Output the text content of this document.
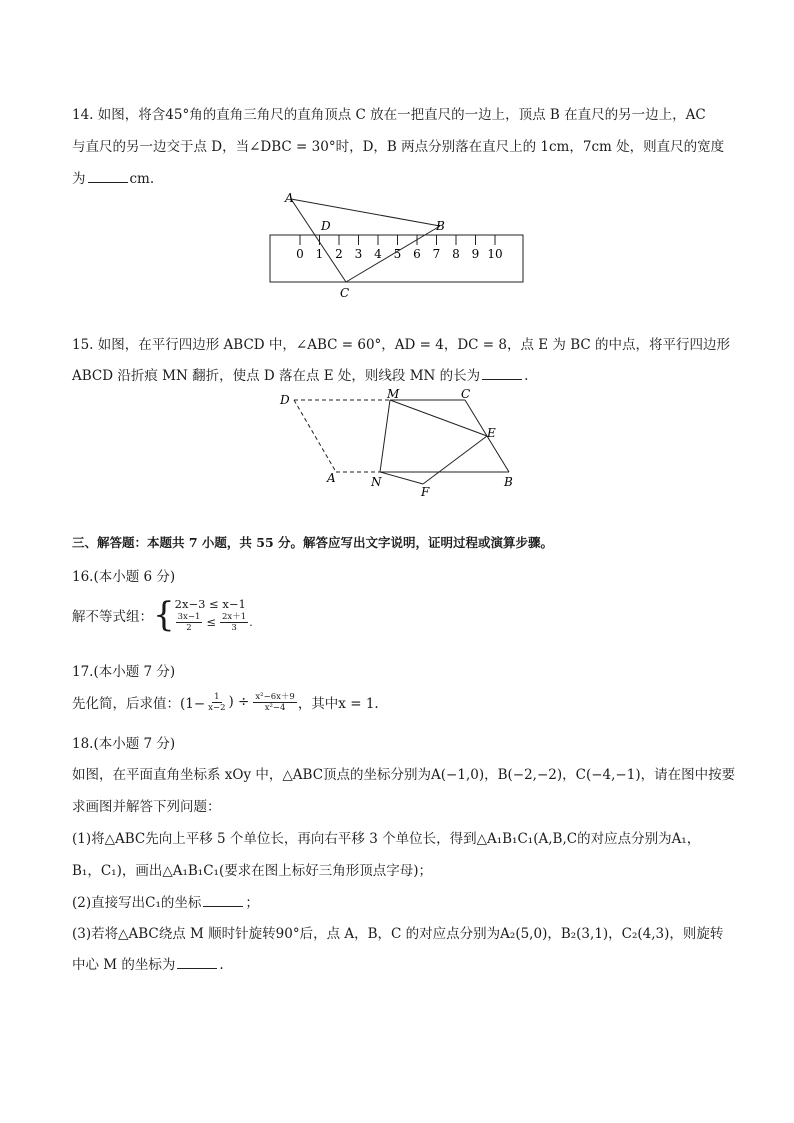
14. 如图，将含45°角的直角三角尺的直角顶点 C 放在一把直尺的一边上，顶点 B 在直尺的另一边上，AC
与直尺的另一边交于点 D，当∠DBC = 30°时，D，B 两点分别落在直尺上的 1cm，7cm 处，则直尺的宽度
为	cm.
0 1 2 3 4 5 6 7 8 9 10
A
D	B
C
15. 如图，在平行四边形 ABCD 中，∠ABC = 60°，AD = 4，DC = 8，点 E 为 BC 的中点，将平行四边形
ABCD 沿折痕 MN 翻折，使点 D 落在点 E 处，则线段 MN 的长为	.
D	M	C
E
A	N
F
B
三、解答题：本题共 7 小题，共 55 分。解答应写出文字说明，证明过程或演算步骤。
16.(本小题 6 分)
解不等式组： { 2x−3 ≤ x−1
$\frac{3x-1}{2} \le \frac{2x+1}{3}$ .
17.(本小题 7 分)
先化简，后求值：($1- \frac{1}{x-2}$ ) ÷ $\frac{\text{x²−6x＋9}}{\text{x²−4}}$ ，其中x = 1.
18.(本小题 7 分)
如图，在平面直角坐标系 xOy 中，△ABC顶点的坐标分别为A(−1,0)，B(−2,−2)，C(−4,−1)，请在图中按要
求画图并解答下列问题：
(1)将△ABC先向上平移 5 个单位长，再向右平移 3 个单位长，得到△A₁B₁C₁(A,B,C的对应点分别为A₁，
B₁，C₁)，画出△A₁B₁C₁(要求在图上标好三角形顶点字母)；
(2)直接写出C₁的坐标	；
(3)若将△ABC绕点 M 顺时针旋转90°后，点 A，B，C 的对应点分别为A₂(5,0)，B₂(3,1)，C₂(4,3)，则旋转
中心 M 的坐标为	.
